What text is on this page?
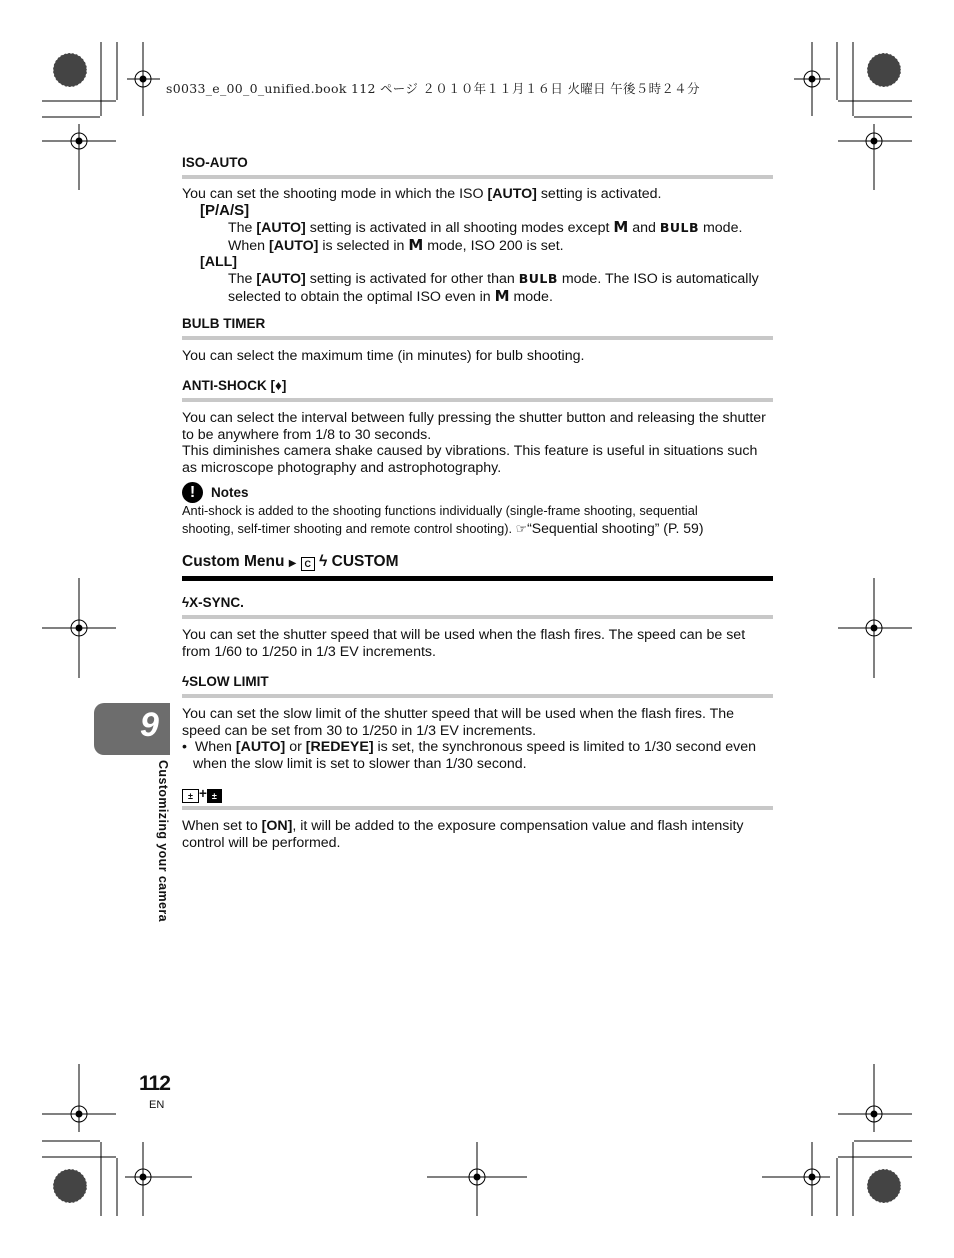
s0033_e_00_0_unified.book 112 ページ ２０１０年１１月１６日 火曜日 午後５時２４分
ISO-AUTO
You can set the shooting mode in which the ISO [AUTO] setting is activated.
[P/A/S]
The [AUTO] setting is activated in all shooting modes except M and BULB mode.
When [AUTO] is selected in M mode, ISO 200 is set.
[ALL]
The [AUTO] setting is activated for other than BULB mode. The ISO is automatically
selected to obtain the optimal ISO even in M mode.
BULB TIMER
You can select the maximum time (in minutes) for bulb shooting.
ANTI-SHOCK [♦]
You can select the interval between fully pressing the shutter button and releasing the shutter
to be anywhere from 1/8 to 30 seconds.
This diminishes camera shake caused by vibrations. This feature is useful in situations such
as microscope photography and astrophotography.
!	Notes
Anti-shock is added to the shooting functions individually (single-frame shooting, sequential
shooting, self-timer shooting and remote control shooting). ☞“Sequential shooting” (P. 59)
Custom Menu ▶ C ϟ CUSTOM
ϟX-SYNC.
You can set the shutter speed that will be used when the flash fires. The speed can be set
from 1/60 to 1/250 in 1/3 EV increments.
ϟSLOW LIMIT
You can set the slow limit of the shutter speed that will be used when the flash fires. The
speed can be set from 30 to 1/250 in 1/3 EV increments.
•  When [AUTO] or [REDEYE] is set, the synchronous speed is limited to 1/30 second even
when the slow limit is set to slower than 1/30 second.
± + ±
When set to [ON], it will be added to the exposure compensation value and flash intensity
control will be performed.
9
Customizing your camera
112
EN
